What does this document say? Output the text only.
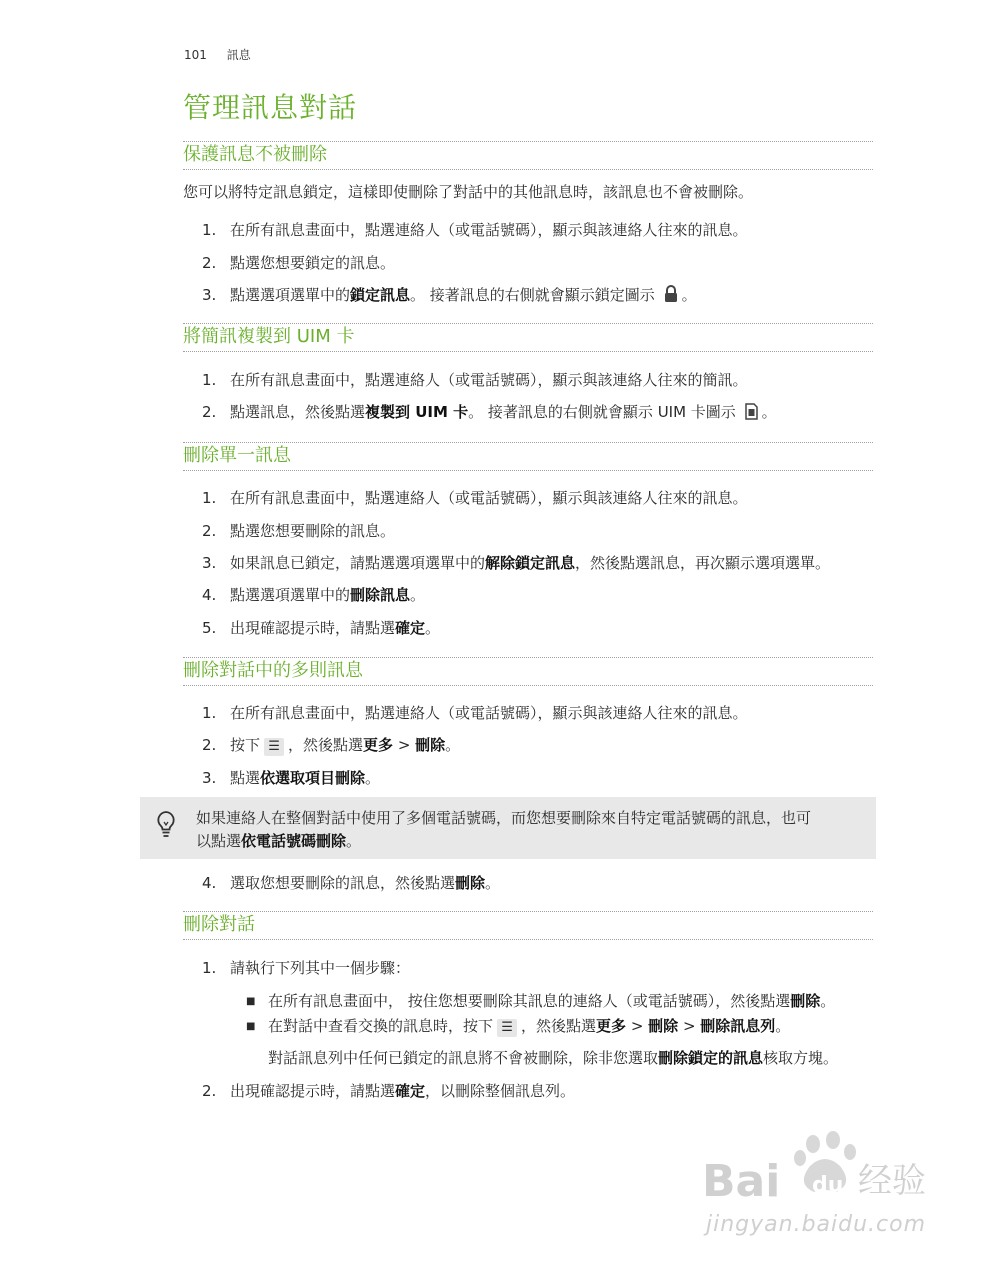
101 訊息
管理訊息對話
保護訊息不被刪除
您可以將特定訊息鎖定，這樣即使刪除了對話中的其他訊息時，該訊息也不會被刪除。
1. 在所有訊息畫面中，點選連絡人（或電話號碼），顯示與該連絡人往來的訊息。
2. 點選您想要鎖定的訊息。
3. 點選選項選單中的鎖定訊息。 接著訊息的右側就會顯示鎖定圖示 。
將簡訊複製到 UIM 卡
1. 在所有訊息畫面中，點選連絡人（或電話號碼），顯示與該連絡人往來的簡訊。
2. 點選訊息，然後點選複製到 UIM 卡。 接著訊息的右側就會顯示 UIM 卡圖示 。
刪除單一訊息
1. 在所有訊息畫面中，點選連絡人（或電話號碼），顯示與該連絡人往來的訊息。
2. 點選您想要刪除的訊息。
3. 如果訊息已鎖定，請點選選項選單中的解除鎖定訊息，然後點選訊息，再次顯示選項選單。
4. 點選選項選單中的刪除訊息。
5. 出現確認提示時，請點選確定。
刪除對話中的多則訊息
1. 在所有訊息畫面中，點選連絡人（或電話號碼），顯示與該連絡人往來的訊息。
2. 按下 ☰ ，然後點選更多 > 刪除。
3. 點選依選取項目刪除。
如果連絡人在整個對話中使用了多個電話號碼，而您想要刪除來自特定電話號碼的訊息，也可
以點選依電話號碼刪除。
4. 選取您想要刪除的訊息，然後點選刪除。
刪除對話
1. 請執行下列其中一個步驟：
■ 在所有訊息畫面中， 按住您想要刪除其訊息的連絡人（或電話號碼），然後點選刪除。
■ 在對話中查看交換的訊息時，按下 ☰ ，然後點選更多 > 刪除 > 刪除訊息列。
對話訊息列中任何已鎖定的訊息將不會被刪除，除非您選取刪除鎖定的訊息核取方塊。
2. 出現確認提示時，請點選確定，以刪除整個訊息列。
Bai du 经验
jingyan.baidu.com
